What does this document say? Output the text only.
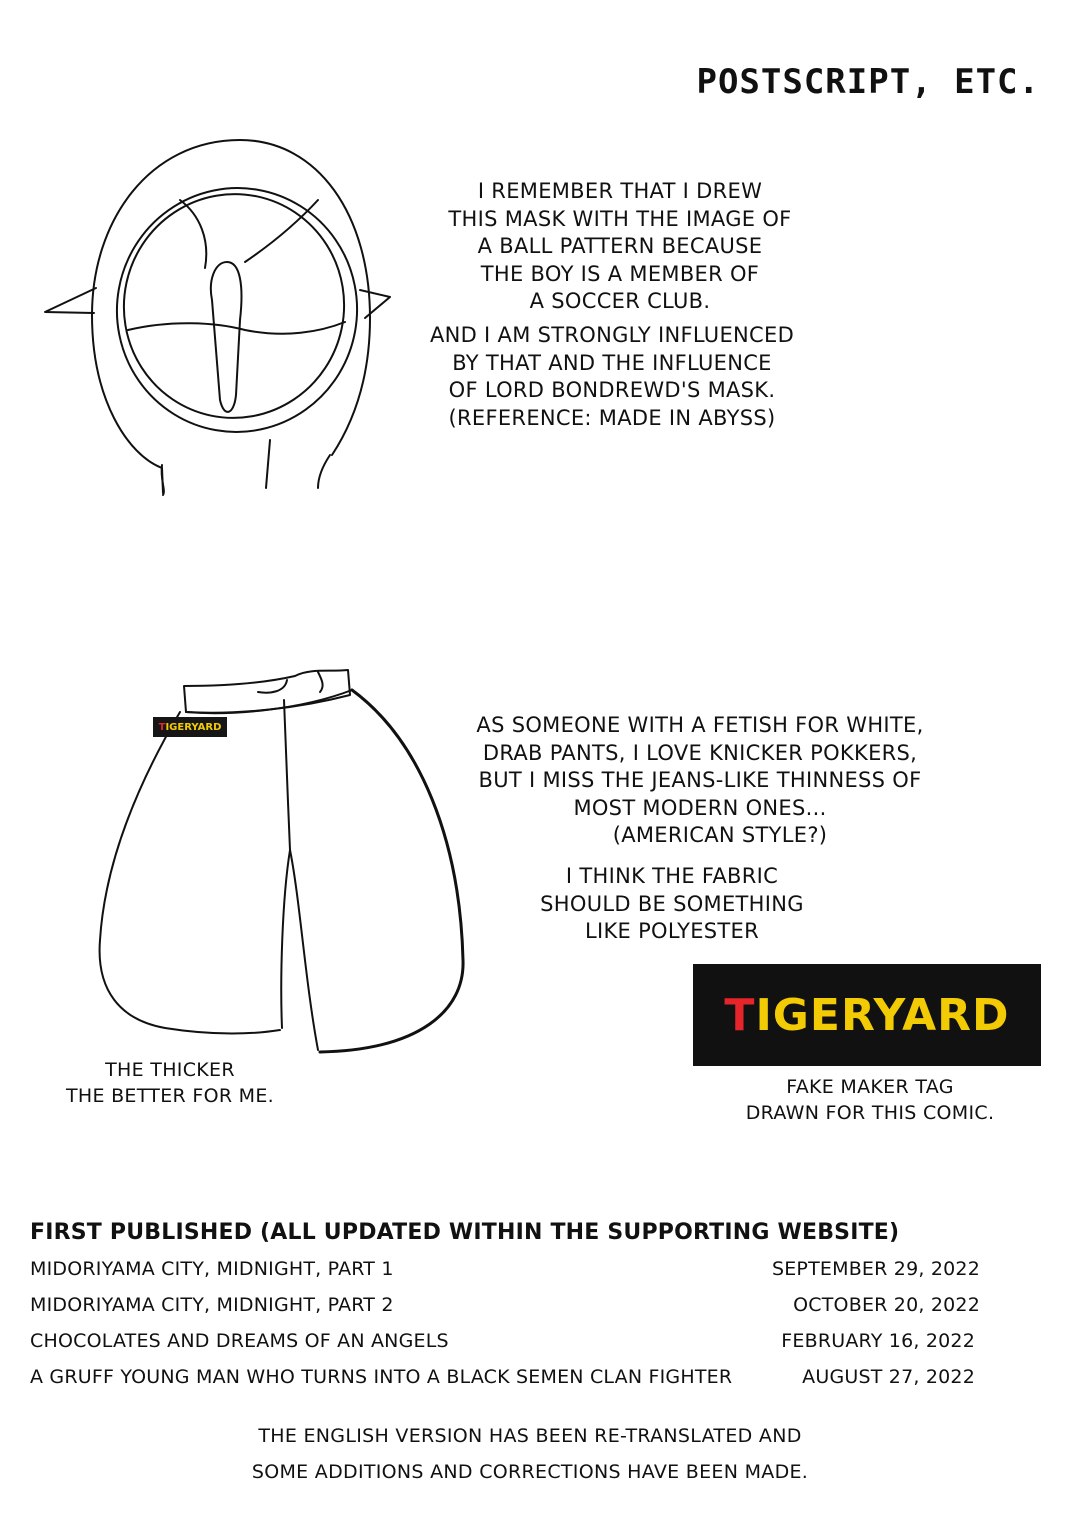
POSTSCRIPT, ETC.
I REMEMBER THAT I DREW
THIS MASK WITH THE IMAGE OF
A BALL PATTERN BECAUSE
THE BOY IS A MEMBER OF
A SOCCER CLUB.
AND I AM STRONGLY INFLUENCED
BY THAT AND THE INFLUENCE
OF LORD BONDREWD'S MASK.
(REFERENCE: MADE IN ABYSS)
T IGERYARD	AS SOMEONE WITH A FETISH FOR WHITE,
DRAB PANTS, I LOVE KNICKER POKKERS,
BUT I MISS THE JEANS-LIKE THINNESS OF
MOST MODERN ONES...
(AMERICAN STYLE?)
I THINK THE FABRIC
SHOULD BE SOMETHING
LIKE POLYESTER
T IGERYARD
THE THICKER
THE BETTER FOR ME.	FAKE MAKER TAG
DRAWN FOR THIS COMIC.
FIRST PUBLISHED (ALL UPDATED WITHIN THE SUPPORTING WEBSITE)
MIDORIYAMA CITY, MIDNIGHT, PART 1	SEPTEMBER 29, 2022
MIDORIYAMA CITY, MIDNIGHT, PART 2	OCTOBER 20, 2022
CHOCOLATES AND DREAMS OF AN ANGELS	FEBRUARY 16, 2022
A GRUFF YOUNG MAN WHO TURNS INTO A BLACK SEMEN CLAN FIGHTER	AUGUST 27, 2022
THE ENGLISH VERSION HAS BEEN RE-TRANSLATED AND
SOME ADDITIONS AND CORRECTIONS HAVE BEEN MADE.
